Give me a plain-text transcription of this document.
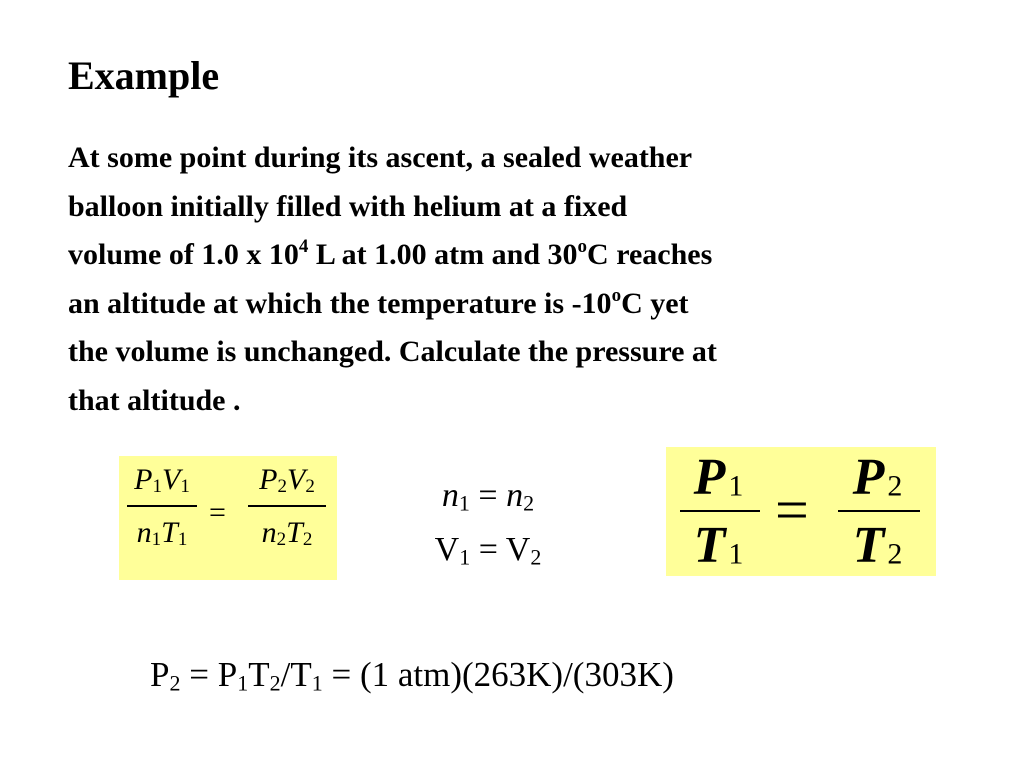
Example
At some point during its ascent, a sealed weather
balloon initially filled with helium at a fixed
volume of 1.0 x $10^4$ L at 1.00 atm and 30$^o$C reaches
an altitude at which the temperature is -10$^o$C yet
the volume is unchanged. Calculate the pressure at
that altitude .
$P_1V_1$
$n_1T_1$
=
$P_2V_2$
$n_2T_2$
$n_1 = n_2$
$V_1 = V_2$
$P_1$
$T_1$
= $P_2$
$T_2$
$P_2 = P_1T_2/T_1 = (1$ atm)(263K)/(303K)
